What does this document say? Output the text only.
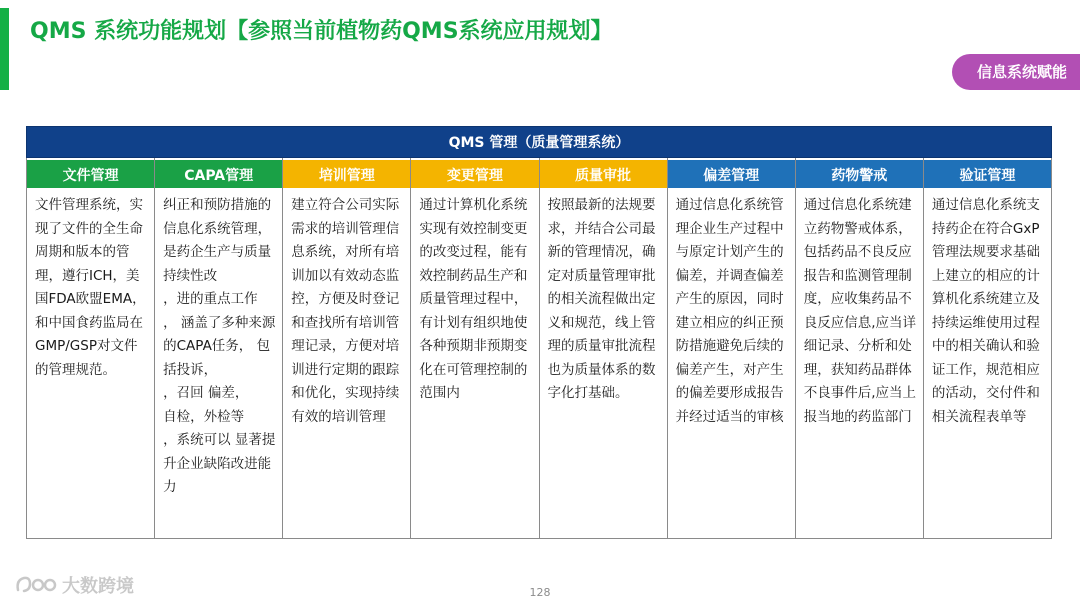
QMS 系统功能规划【参照当前植物药QMS系统应用规划】
信息系统赋能
QMS 管理（质量管理系统）
文件管理
文件管理系统，实现了文件的全生命周期和版本的管理，遵行ICH，美国FDA欧盟EMA，和中国食药监局在GMP/GSP对文件的管理规范。
CAPA管理
纠正和预防措施的信息化系统管理，是药企生产与质量持续性改
，进的重点工作
， 涵盖了多种来源 的CAPA任务， 包括投诉，
，召回 偏差，
自检，外检等
，系统可以 显著提升企业缺陷改进能力
培训管理
建立符合公司实际需求的培训管理信息系统，对所有培训加以有效动态监控，方便及时登记和查找所有培训管理记录，方便对培训进行定期的跟踪和优化，实现持续有效的培训管理
变更管理
通过计算机化系统实现有效控制变更的改变过程，能有效控制药品生产和质量管理过程中，有计划有组织地使各种预期非预期变化在可管理控制的范围内
质量审批
按照最新的法规要求，并结合公司最新的管理情况，确定对质量管理审批的相关流程做出定义和规范，线上管理的质量审批流程也为质量体系的数字化打基础。
偏差管理
通过信息化系统管理企业生产过程中与原定计划产生的偏差，并调查偏差产生的原因，同时建立相应的纠正预防措施避免后续的偏差产生，对产生的偏差要形成报告并经过适当的审核
药物警戒
通过信息化系统建立药物警戒体系，包括药品不良反应报告和监测管理制度，应收集药品不良反应信息,应当详细记录、分析和处理，获知药品群体不良事件后,应当上报当地的药监部门
验证管理
通过信息化系统支持药企在符合GxP管理法规要求基础上建立的相应的计算机化系统建立及持续运维使用过程中的相关确认和验证工作，规范相应的活动，交付件和相关流程表单等
大数跨境	128
